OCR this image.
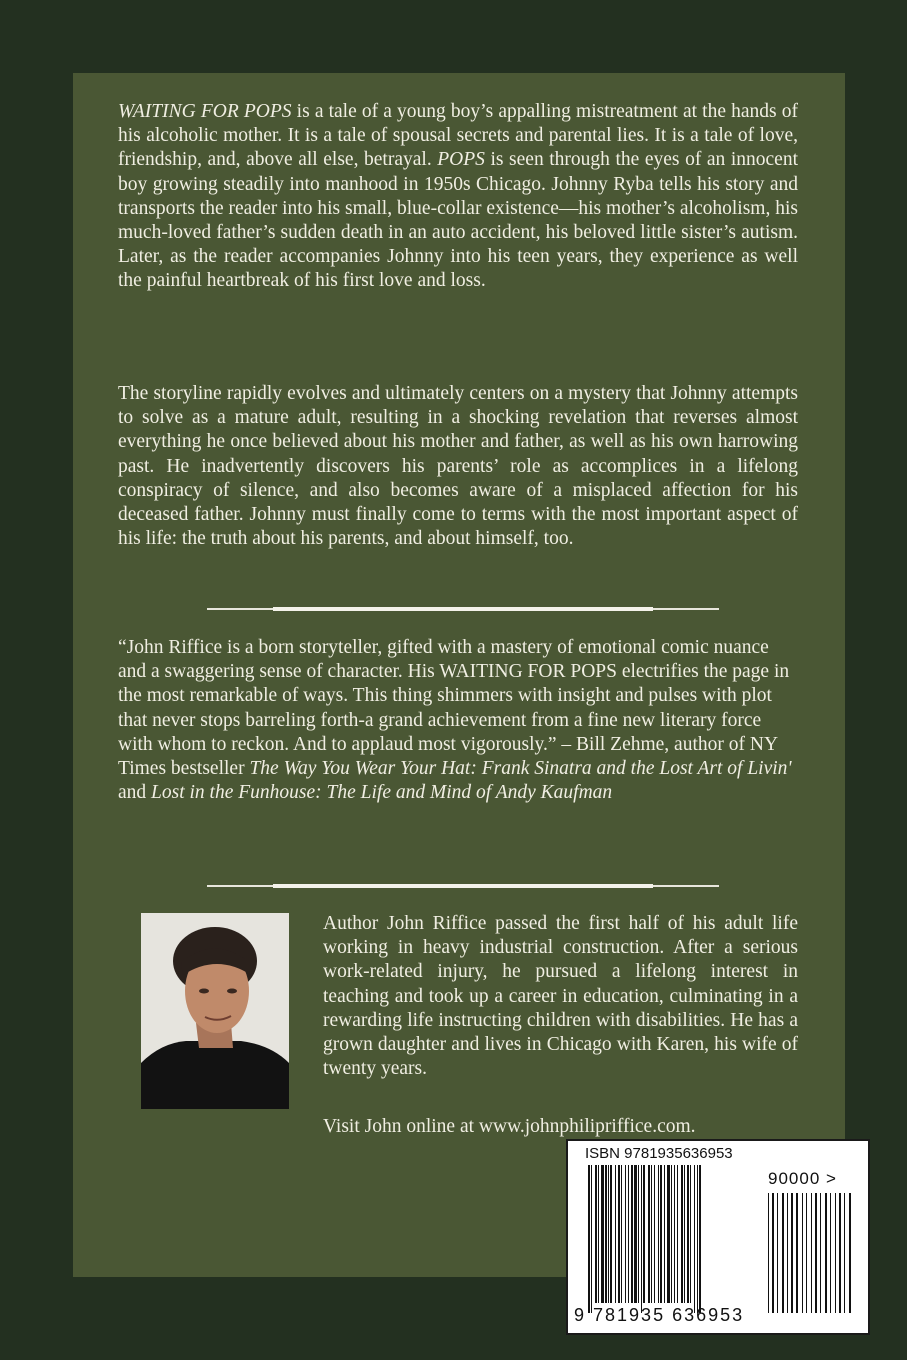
WAITING FOR POPS is a tale of a young boy’s appalling mistreatment at the hands of his alcoholic mother. It is a tale of spousal secrets and parental lies. It is a tale of love, friendship, and, above all else, betrayal. POPS is seen through the eyes of an innocent boy growing steadily into manhood in 1950s Chicago. Johnny Ryba tells his story and transports the reader into his small, blue-collar existence—his mother’s alcoholism, his much-loved father’s sudden death in an auto accident, his beloved little sister’s autism. Later, as the reader accompanies Johnny into his teen years, they experience as well the painful heartbreak of his first love and loss.

The storyline rapidly evolves and ultimately centers on a mystery that Johnny attempts to solve as a mature adult, resulting in a shocking revelation that reverses almost everything he once believed about his mother and father, as well as his own harrowing past. He inadvertently discovers his parents’ role as accomplices in a lifelong conspiracy of silence, and also becomes aware of a misplaced affection for his deceased father. Johnny must finally come to terms with the most important aspect of his life: the truth about his parents, and about himself, too.

“John Riffice is a born storyteller, gifted with a mastery of emotional comic nuance and a swaggering sense of character. His WAITING FOR POPS electrifies the page in the most remarkable of ways. This thing shimmers with insight and pulses with plot that never stops barreling forth-a grand achievement from a fine new literary force with whom to reckon. And to applaud most vigorously.” – Bill Zehme, author of NY Times bestseller The Way You Wear Your Hat: Frank Sinatra and the Lost Art of Livin' and Lost in the Funhouse: The Life and Mind of Andy Kaufman

Author John Riffice passed the first half of his adult life working in heavy industrial construction. After a serious work-related injury, he pursued a lifelong interest in teaching and took up a career in education, culminating in a rewarding life instructing children with disabilities. He has a grown daughter and lives in Chicago with Karen, his wife of twenty years.

Visit John online at www.johnphilipriffice.com.

ISBN 9781935636953
90000 >
9 781935 636953
